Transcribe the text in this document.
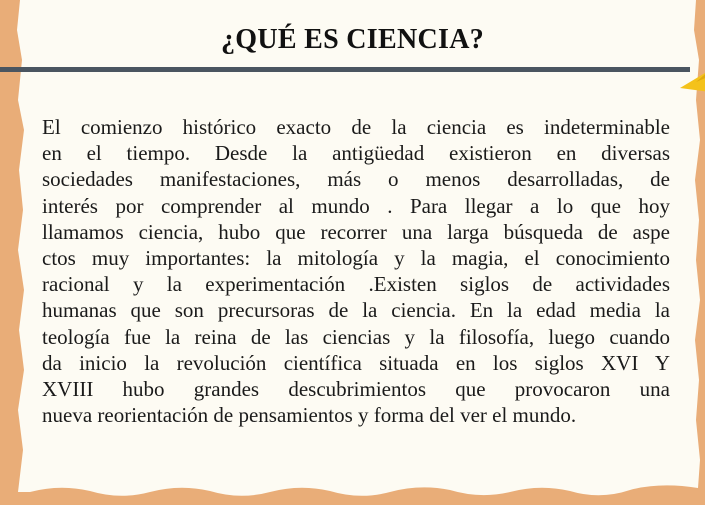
¿QUÉ ES CIENCIA?

El comienzo histórico exacto de la ciencia es indeterminable
en el tiempo. Desde la antigüedad existieron en diversas
sociedades manifestaciones, más o menos desarrolladas, de
interés por comprender al mundo . Para llegar a lo que hoy
llamamos ciencia, hubo que recorrer una larga búsqueda de aspe
ctos muy importantes: la mitología y la magia, el conocimiento
racional y la experimentación .Existen siglos de actividades
humanas que son precursoras de la ciencia. En la edad media la
teología fue la reina de las ciencias y la filosofía, luego cuando
da inicio la revolución científica situada en los siglos XVI Y
XVIII hubo grandes descubrimientos que provocaron una
nueva reorientación de pensamientos y forma del ver el mundo.
